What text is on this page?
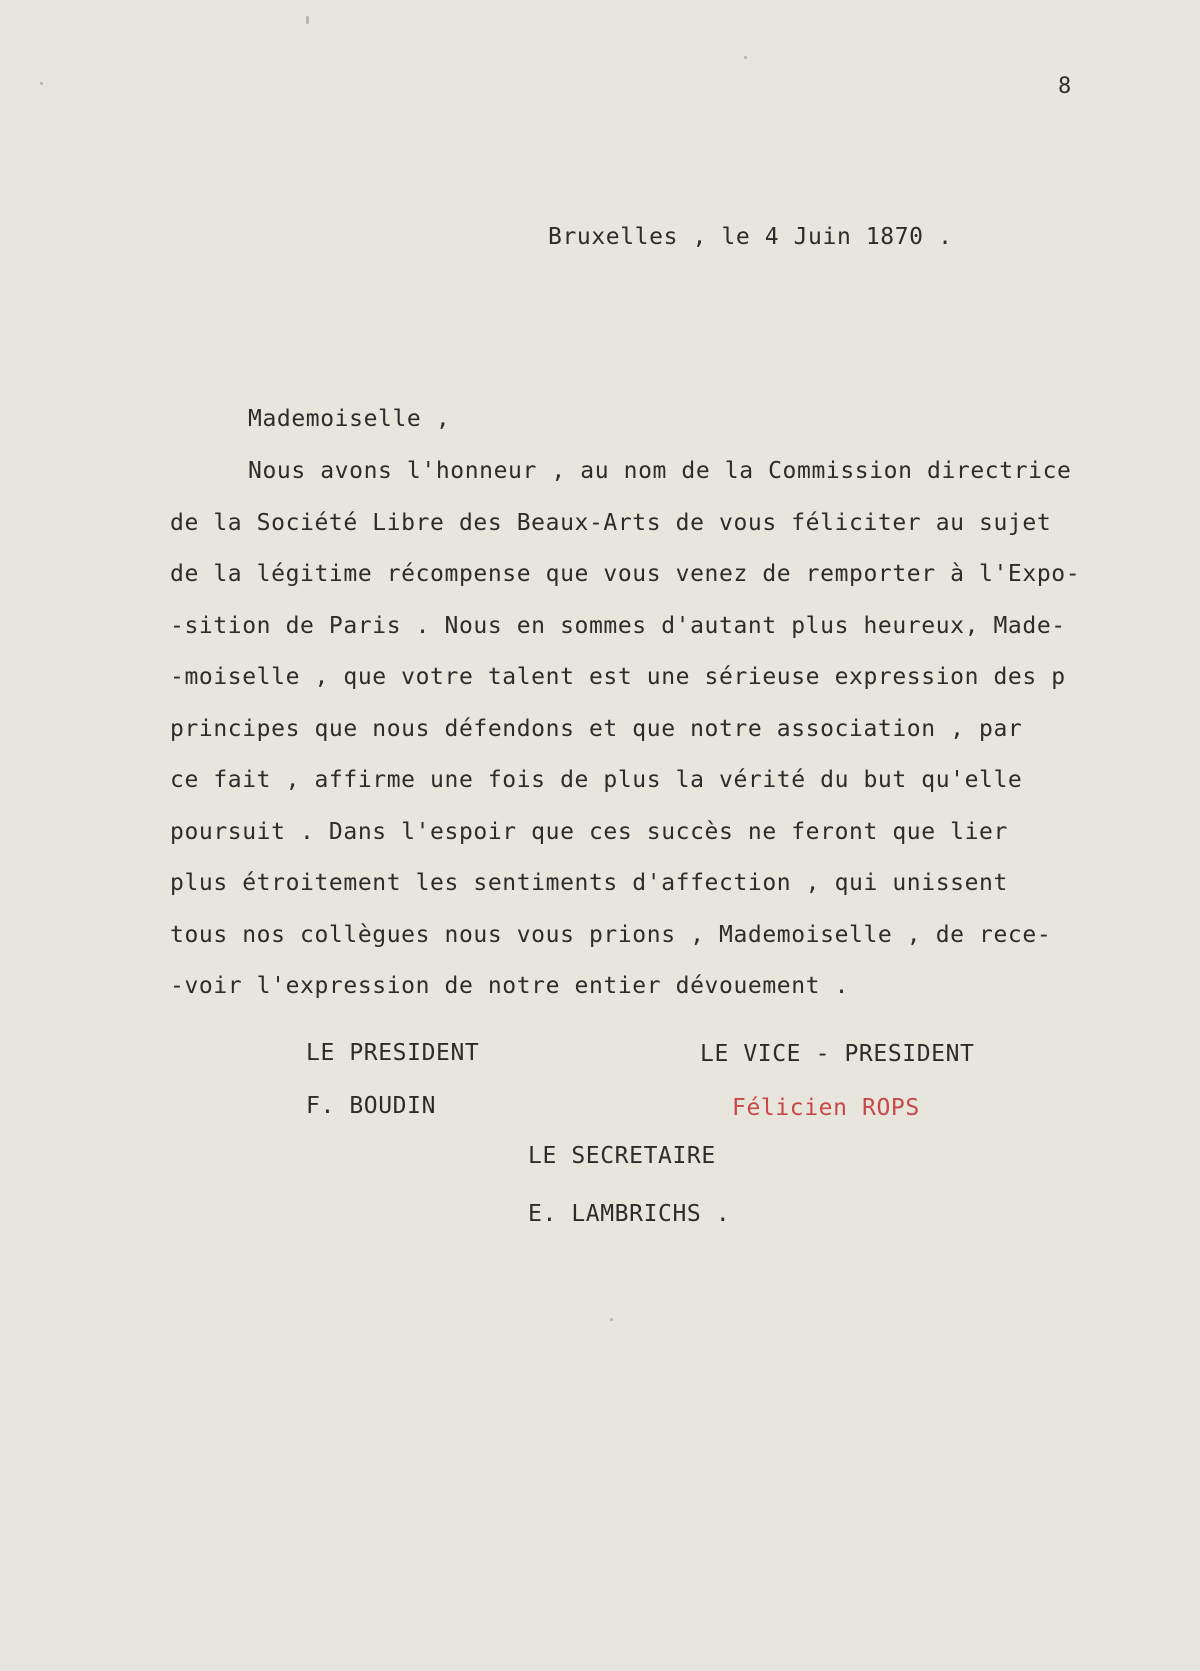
8
Bruxelles , le 4 Juin 1870 .
Mademoiselle ,
Nous avons l'honneur , au nom de la Commission directrice
de la Société Libre des Beaux-Arts de vous féliciter au sujet
de la légitime récompense que vous venez de remporter à l'Expo-
-sition de Paris . Nous en sommes d'autant plus heureux, Made-
-moiselle , que votre talent est une sérieuse expression des p
principes que nous défendons et que notre association , par
ce fait , affirme une fois de plus la vérité du but qu'elle
poursuit . Dans l'espoir que ces succès ne feront que lier
plus étroitement les sentiments d'affection , qui unissent
tous nos collègues nous vous prions , Mademoiselle , de rece-
-voir l'expression de notre entier dévouement .
LE PRESIDENT	LE VICE - PRESIDENT
F. BOUDIN	Félicien ROPS
LE SECRETAIRE
E. LAMBRICHS .
